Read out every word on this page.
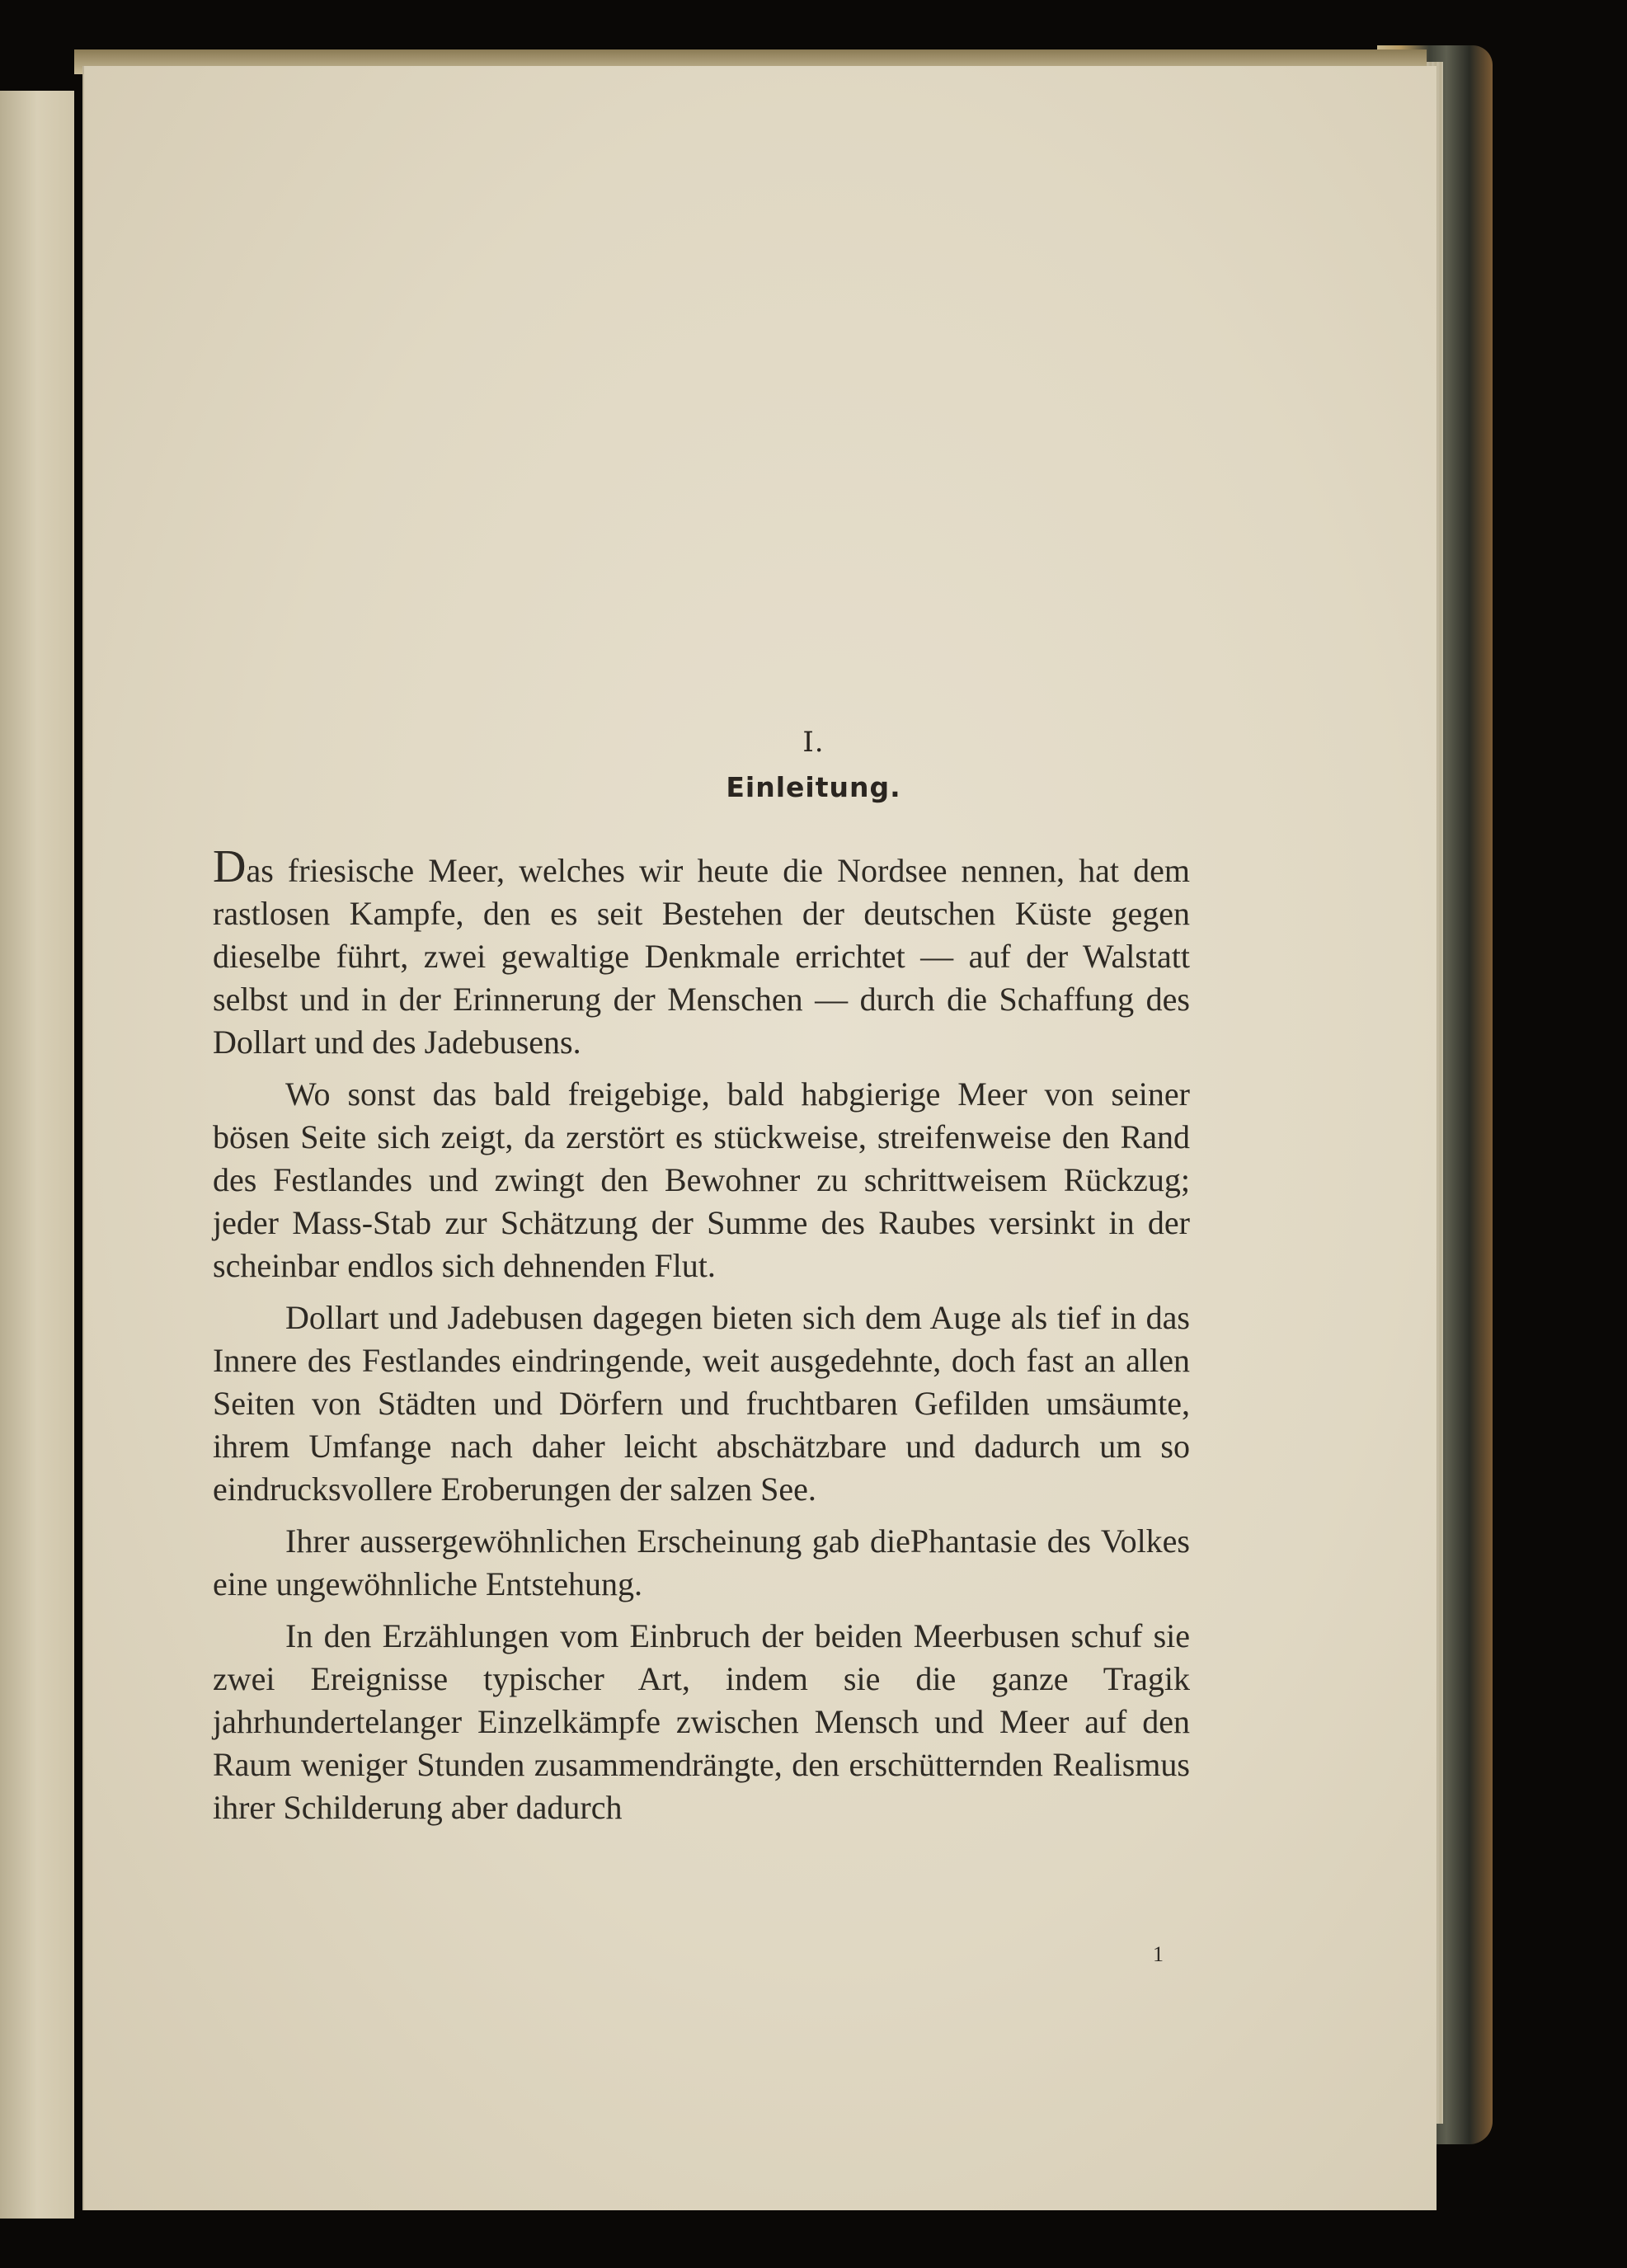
I.
Einleitung.

Das friesische Meer, welches wir heute die Nordsee nennen, hat dem rastlosen Kampfe, den es seit Bestehen der deutschen Küste gegen dieselbe führt, zwei gewaltige Denkmale errichtet — auf der Walstatt selbst und in der Erinnerung der Menschen — durch die Schaffung des Dollart und des Jadebusens.

Wo sonst das bald freigebige, bald habgierige Meer von seiner bösen Seite sich zeigt, da zerstört es stückweise, streifenweise den Rand des Festlandes und zwingt den Bewohner zu schrittweisem Rückzug; jeder Mass-Stab zur Schätzung der Summe des Raubes versinkt in der scheinbar endlos sich dehnenden Flut.

Dollart und Jadebusen dagegen bieten sich dem Auge als tief in das Innere des Festlandes eindringende, weit ausgedehnte, doch fast an allen Seiten von Städten und Dörfern und fruchtbaren Gefilden umsäumte, ihrem Umfange nach daher leicht abschätzbare und dadurch um so eindrucksvollere Eroberungen der salzen See.

Ihrer aussergewöhnlichen Erscheinung gab diePhantasie des Volkes eine ungewöhnliche Entstehung.

In den Erzählungen vom Einbruch der beiden Meerbusen schuf sie zwei Ereignisse typischer Art, indem sie die ganze Tragik jahrhundertelanger Einzelkämpfe zwischen Mensch und Meer auf den Raum weniger Stunden zusammendrängte, den erschütternden Realismus ihrer Schilderung aber dadurch

1
